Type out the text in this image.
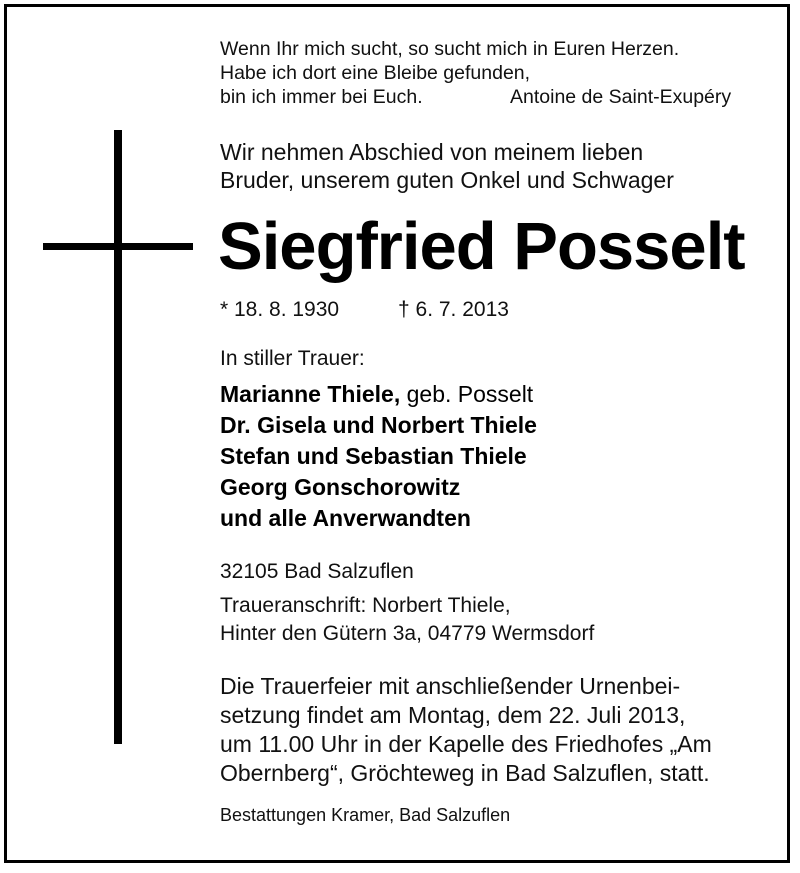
Wenn Ihr mich sucht, so sucht mich in Euren Herzen.
Habe ich dort eine Bleibe gefunden,
bin ich immer bei Euch.	Antoine de Saint-Exupéry
Wir nehmen Abschied von meinem lieben
Bruder, unserem guten Onkel und Schwager
Siegfried Posselt
* 18. 8. 1930	† 6. 7. 2013
In stiller Trauer:
Marianne Thiele, geb. Posselt
Dr. Gisela und Norbert Thiele
Stefan und Sebastian Thiele
Georg Gonschorowitz
und alle Anverwandten
32105 Bad Salzuflen
Traueranschrift: Norbert Thiele,
Hinter den Gütern 3a, 04779 Wermsdorf
Die Trauerfeier mit anschließender Urnenbei-
setzung findet am Montag, dem 22. Juli 2013,
um 11.00 Uhr in der Kapelle des Friedhofes „Am
Obernberg“, Gröchteweg in Bad Salzuflen, statt.
Bestattungen Kramer, Bad Salzuflen
